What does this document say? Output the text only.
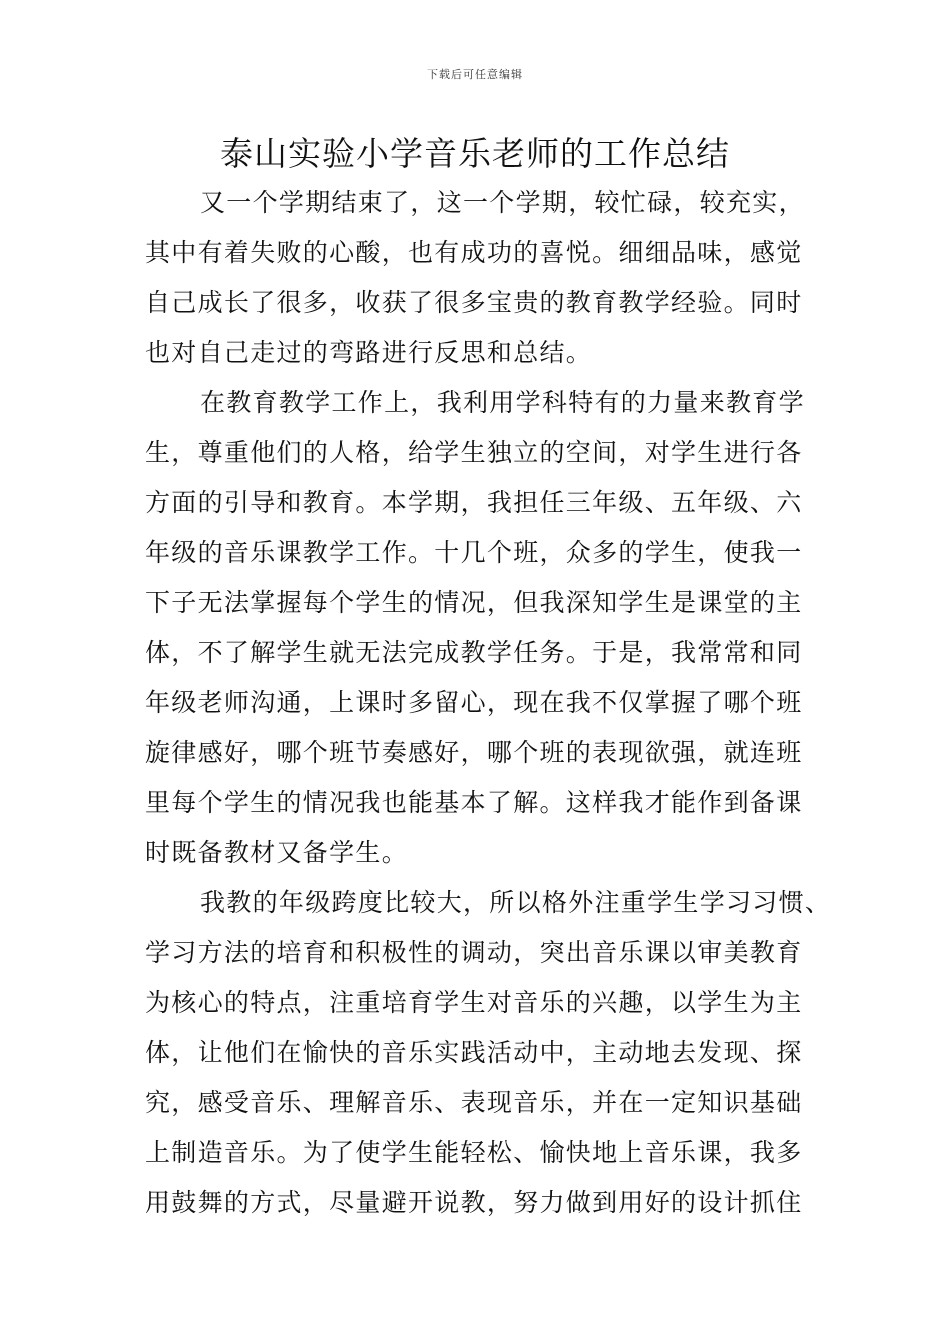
下载后可任意编辑
泰山实验小学音乐老师的工作总结
又一个学期结束了，这一个学期，较忙碌，较充实，
其中有着失败的心酸，也有成功的喜悦。细细品味，感觉
自己成长了很多，收获了很多宝贵的教育教学经验。同时
也对自己走过的弯路进行反思和总结。
在教育教学工作上，我利用学科特有的力量来教育学
生，尊重他们的人格，给学生独立的空间，对学生进行各
方面的引导和教育。本学期，我担任三年级、五年级、六
年级的音乐课教学工作。十几个班，众多的学生，使我一
下子无法掌握每个学生的情况，但我深知学生是课堂的主
体，不了解学生就无法完成教学任务。于是，我常常和同
年级老师沟通，上课时多留心，现在我不仅掌握了哪个班
旋律感好，哪个班节奏感好，哪个班的表现欲强，就连班
里每个学生的情况我也能基本了解。这样我才能作到备课
时既备教材又备学生。
我教的年级跨度比较大，所以格外注重学生学习习惯、
学习方法的培育和积极性的调动，突出音乐课以审美教育
为核心的特点，注重培育学生对音乐的兴趣，以学生为主
体，让他们在愉快的音乐实践活动中，主动地去发现、探
究，感受音乐、理解音乐、表现音乐，并在一定知识基础
上制造音乐。为了使学生能轻松、愉快地上音乐课，我多
用鼓舞的方式，尽量避开说教，努力做到用好的设计抓住
